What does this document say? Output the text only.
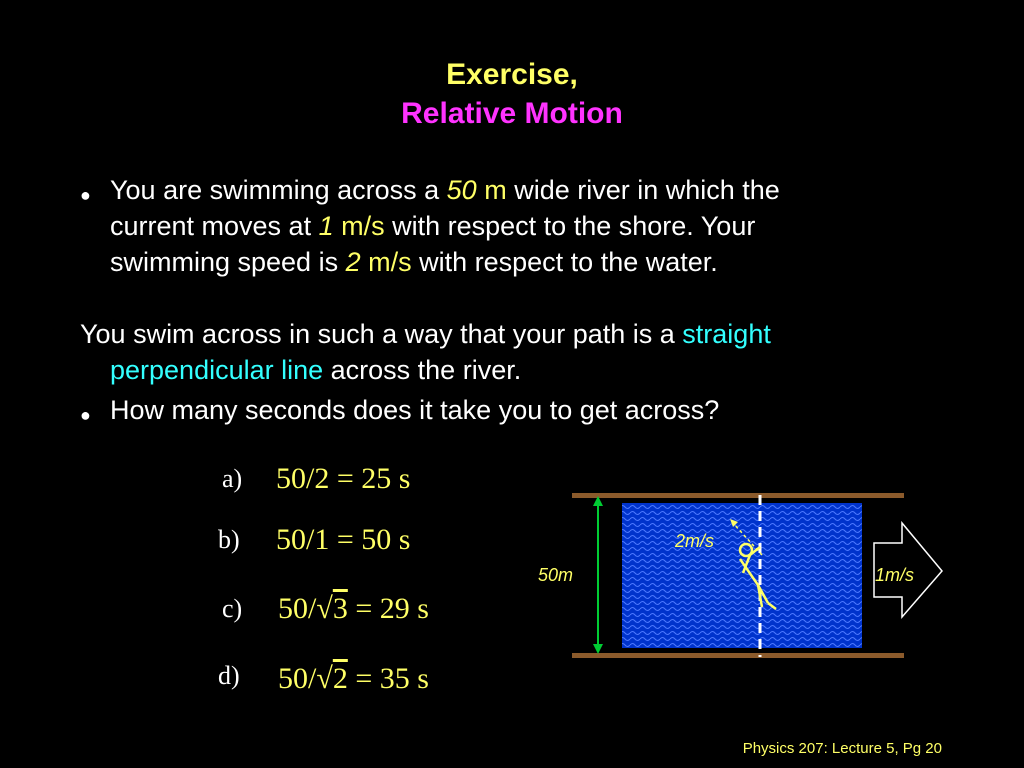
Exercise,
Relative Motion
● You are swimming across a 50 m wide river in which the
current moves at 1 m/s with respect to the shore. Your
swimming speed is 2 m/s with respect to the water.
You swim across in such a way that your path is a straight
perpendicular line across the river.
● How many seconds does it take you to get across?
a) 50/2 = 25 s
b) 50/1 = 50 s
c) 50/√3 = 29 s
d) 50/√2 = 35 s
50m
2m/s
1m/s
Physics 207: Lecture 5, Pg 20
